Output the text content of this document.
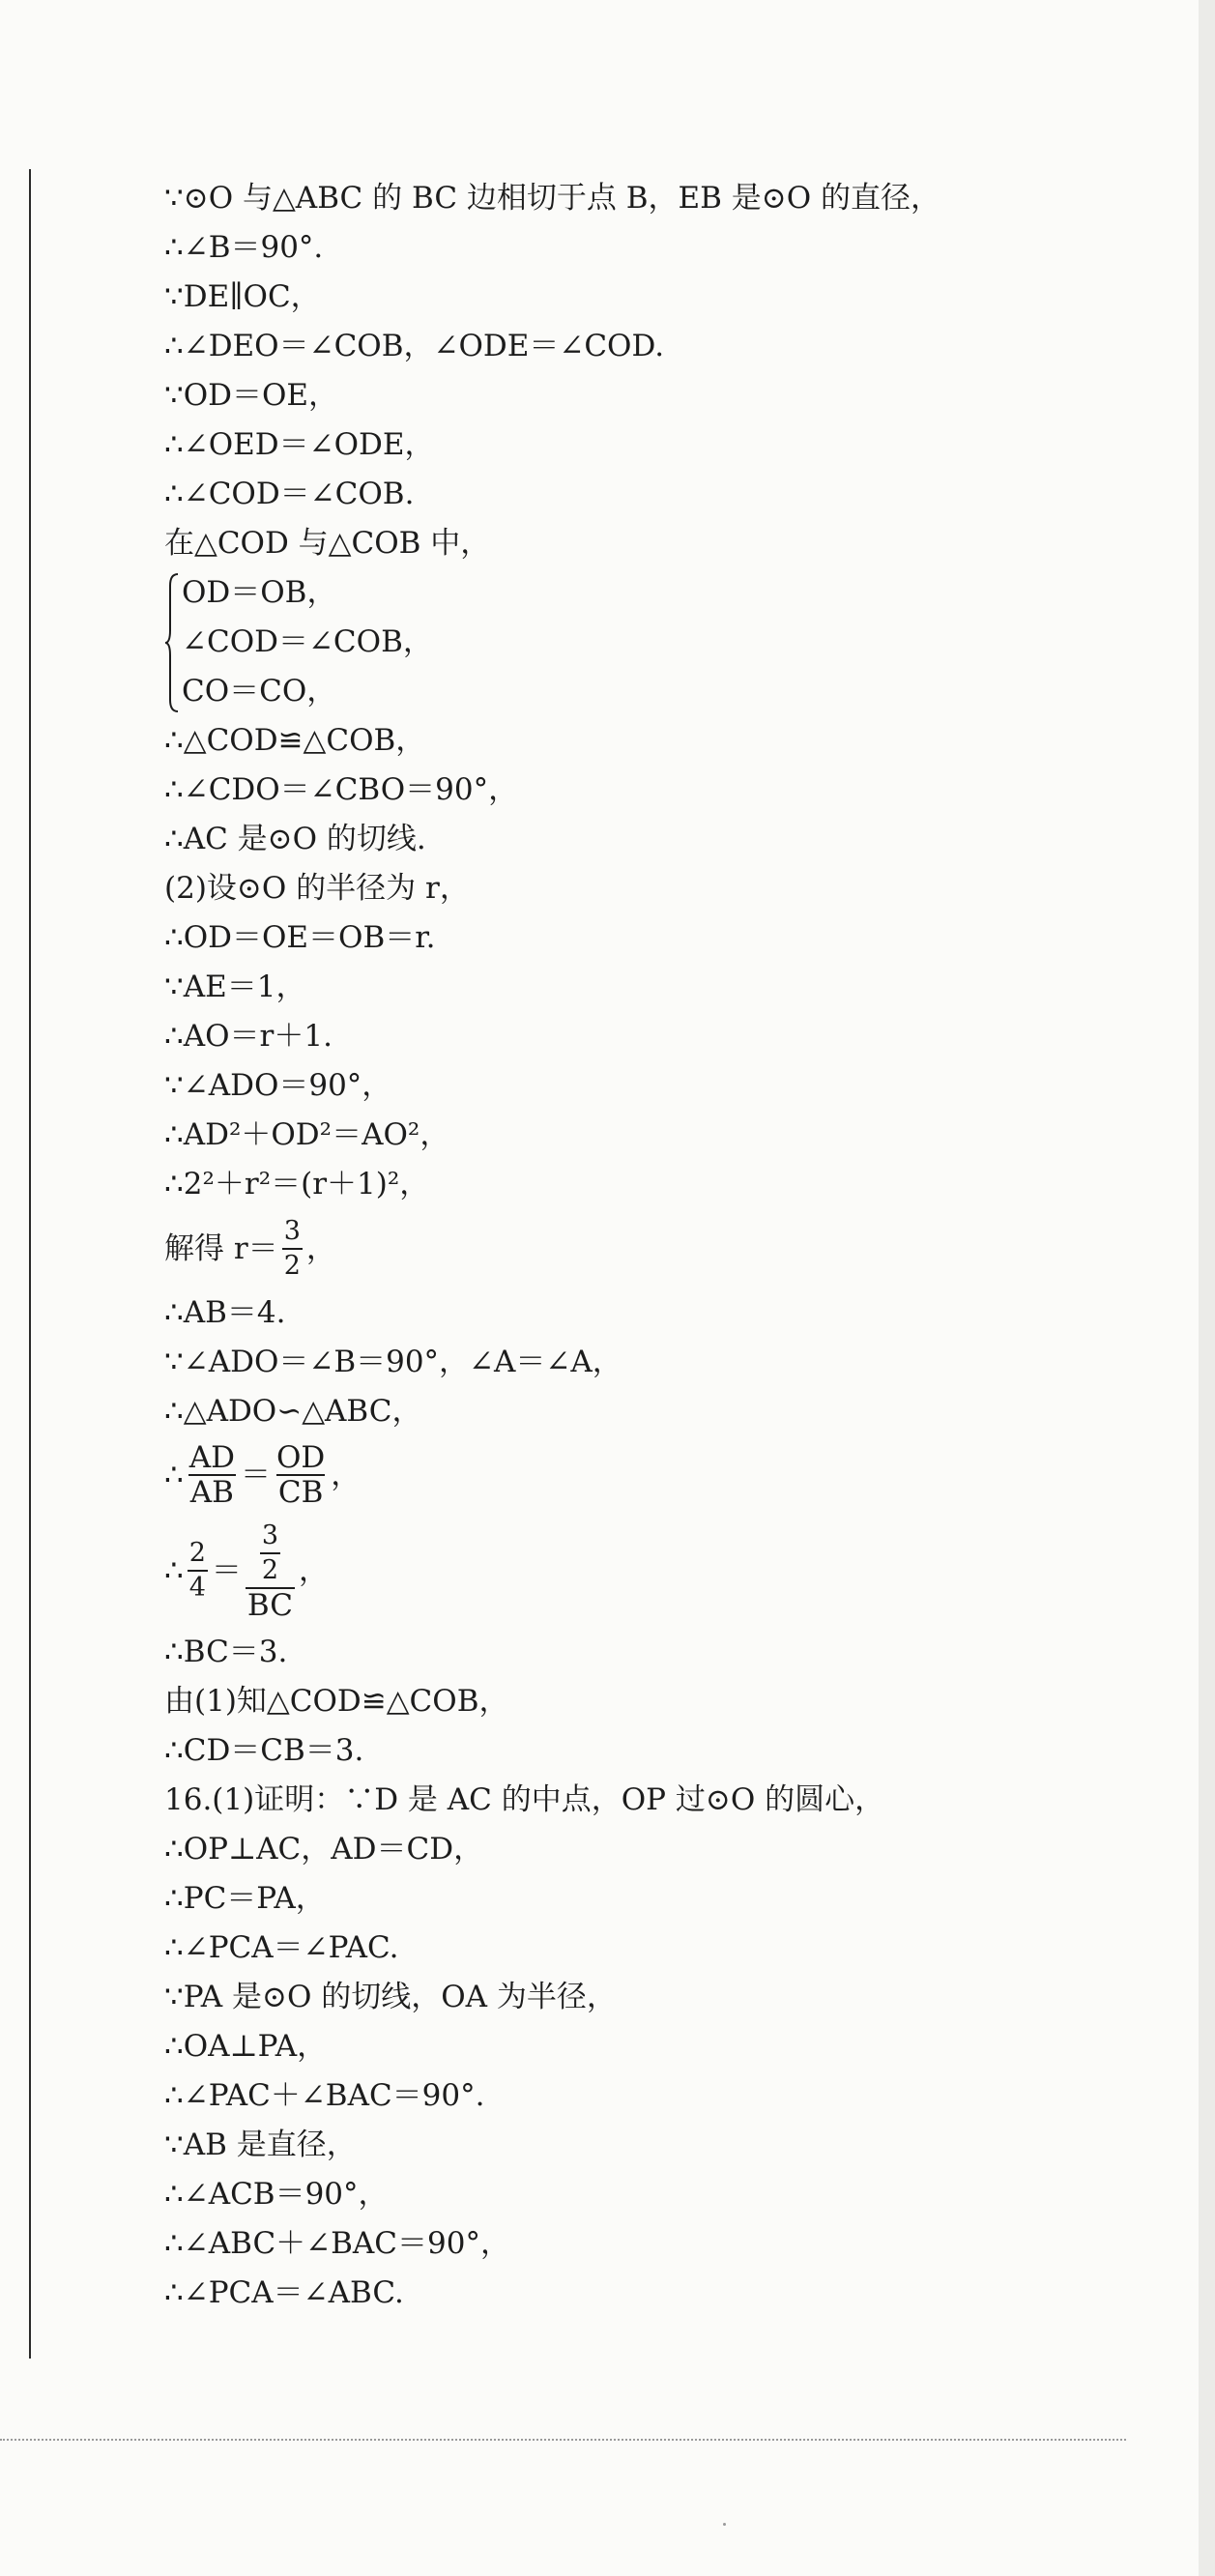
∵⊙O 与△ABC 的 BC 边相切于点 B，EB 是⊙O 的直径，
∴∠B＝90°.
∵DE∥OC，
∴∠DEO＝∠COB，∠ODE＝∠COD.
∵OD＝OE，
∴∠OED＝∠ODE，
∴∠COD＝∠COB.
在△COD 与△COB 中，
OD＝OB，
∠COD＝∠COB，
CO＝CO，
∴△COD≌△COB，
∴∠CDO＝∠CBO＝90°，
∴AC 是⊙O 的切线.
(2)设⊙O 的半径为 r，
∴OD＝OE＝OB＝r.
∵AE＝1，
∴AO＝r＋1.
∵∠ADO＝90°，
∴AD²＋OD²＝AO²，
∴2²＋r²＝(r＋1)²，
解得 $r= \frac{3}{2}$ ，
∴AB＝4.
∵∠ADO＝∠B＝90°，∠A＝∠A，
∴△ADO∽△ABC，
∴ $\frac{AD}{AB} = \frac{OD}{CB}$ ，
∴ $\frac{2}{4} = \frac{\frac{3}{2}}{BC}$ ，
∴BC＝3.
由(1)知△COD≌△COB，
∴CD＝CB＝3.
16.(1)证明：∵D 是 AC 的中点，OP 过⊙O 的圆心，
∴OP⊥AC，AD＝CD，
∴PC＝PA，
∴∠PCA＝∠PAC.
∵PA 是⊙O 的切线，OA 为半径，
∴OA⊥PA，
∴∠PAC＋∠BAC＝90°.
∵AB 是直径，
∴∠ACB＝90°，
∴∠ABC＋∠BAC＝90°，
∴∠PCA＝∠ABC.
